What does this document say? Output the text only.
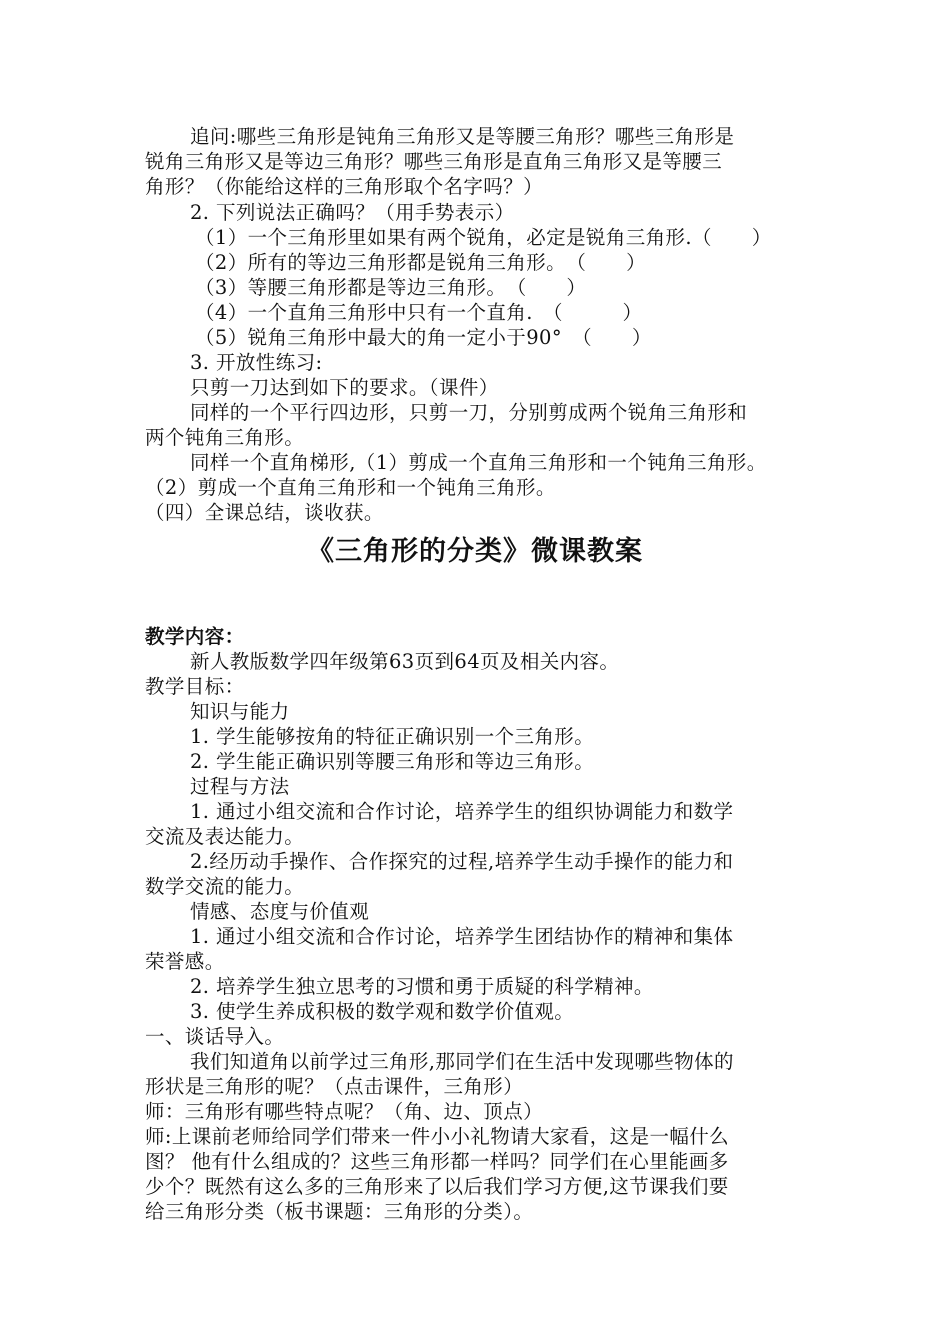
追问:哪些三角形是钝角三角形又是等腰三角形？哪些三角形是
锐角三角形又是等边三角形？哪些三角形是直角三角形又是等腰三
角形？（你能给这样的三角形取个名字吗？）
2. 下列说法正确吗？（用手势表示）
（1）一个三角形里如果有两个锐角，必定是锐角三角形.（　　）
（2）所有的等边三角形都是锐角三角形。　（　　）
（3）等腰三角形都是等边三角形。　（　　）
（4）一个直角三角形中只有一个直角.　（　　　）
（5）锐角三角形中最大的角一定小于90°　（　　）
3. 开放性练习:
只剪一刀达到如下的要求。（课件）
同样的一个平行四边形，只剪一刀，分别剪成两个锐角三角形和
两个钝角三角形。
同样一个直角梯形,（1）剪成一个直角三角形和一个钝角三角形。
（2）剪成一个直角三角形和一个钝角三角形。
（四）全课总结，谈收获。
《三角形的分类》微课教案
教学内容：
新人教版数学四年级第63页到64页及相关内容。
教学目标：
知识与能力
1. 学生能够按角的特征正确识别一个三角形。
2. 学生能正确识别等腰三角形和等边三角形。
过程与方法
1. 通过小组交流和合作讨论，培养学生的组织协调能力和数学
交流及表达能力。
2.经历动手操作、合作探究的过程,培养学生动手操作的能力和
数学交流的能力。
情感、态度与价值观
1. 通过小组交流和合作讨论，培养学生团结协作的精神和集体
荣誉感。
2. 培养学生独立思考的习惯和勇于质疑的科学精神。
3. 使学生养成积极的数学观和数学价值观。
一、谈话导入。
我们知道角以前学过三角形,那同学们在生活中发现哪些物体的
形状是三角形的呢？（点击课件，三角形）
师：三角形有哪些特点呢？（角、边、顶点）
师:上课前老师给同学们带来一件小小礼物请大家看，这是一幅什么
图？ 他有什么组成的？这些三角形都一样吗？同学们在心里能画多
少个？既然有这么多的三角形来了以后我们学习方便,这节课我们要
给三角形分类（板书课题：三角形的分类）。
